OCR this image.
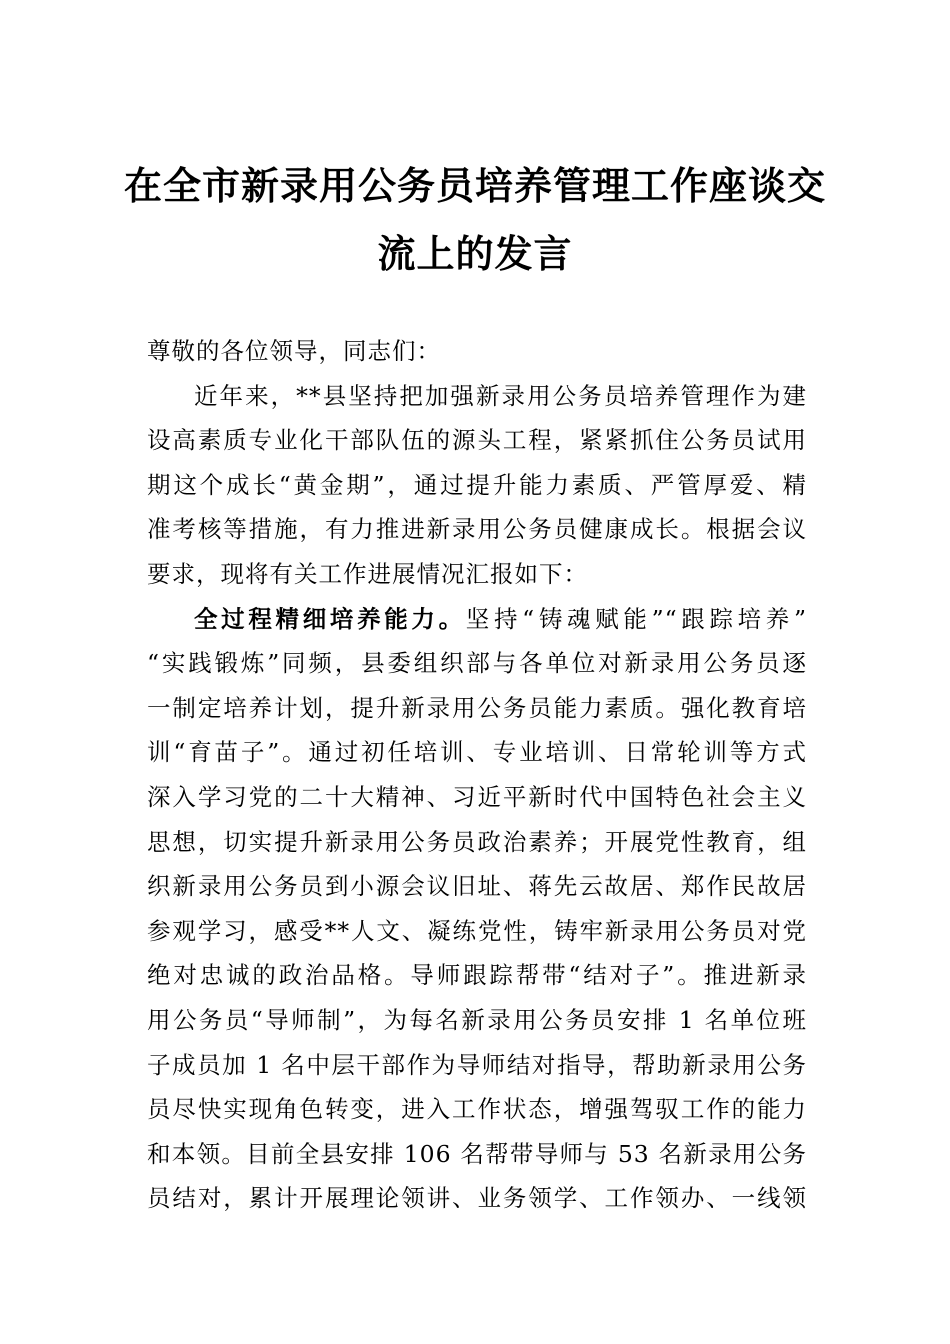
在全市新录用公务员培养管理工作座谈交
流上的发言
尊敬的各位领导，同志们：
近年来，**县坚持把加强新录用公务员培养管理作为建
设高素质专业化干部队伍的源头工程，紧紧抓住公务员试用
期这个成长“黄金期”，通过提升能力素质、严管厚爱、精
准考核等措施，有力推进新录用公务员健康成长。根据会议
要求，现将有关工作进展情况汇报如下：
全过程精细培养能力。坚持“铸魂赋能”“跟踪培养”
“实践锻炼”同频，县委组织部与各单位对新录用公务员逐
一制定培养计划，提升新录用公务员能力素质。强化教育培
训“育苗子”。通过初任培训、专业培训、日常轮训等方式
深入学习党的二十大精神、习近平新时代中国特色社会主义
思想，切实提升新录用公务员政治素养；开展党性教育，组
织新录用公务员到小源会议旧址、蒋先云故居、郑作民故居
参观学习，感受**人文、凝练党性，铸牢新录用公务员对党
绝对忠诚的政治品格。导师跟踪帮带“结对子”。推进新录
用公务员“导师制”，为每名新录用公务员安排 1 名单位班
子成员加 1 名中层干部作为导师结对指导，帮助新录用公务
员尽快实现角色转变，进入工作状态，增强驾驭工作的能力
和本领。目前全县安排 106 名帮带导师与 53 名新录用公务
员结对，累计开展理论领讲、业务领学、工作领办、一线领
